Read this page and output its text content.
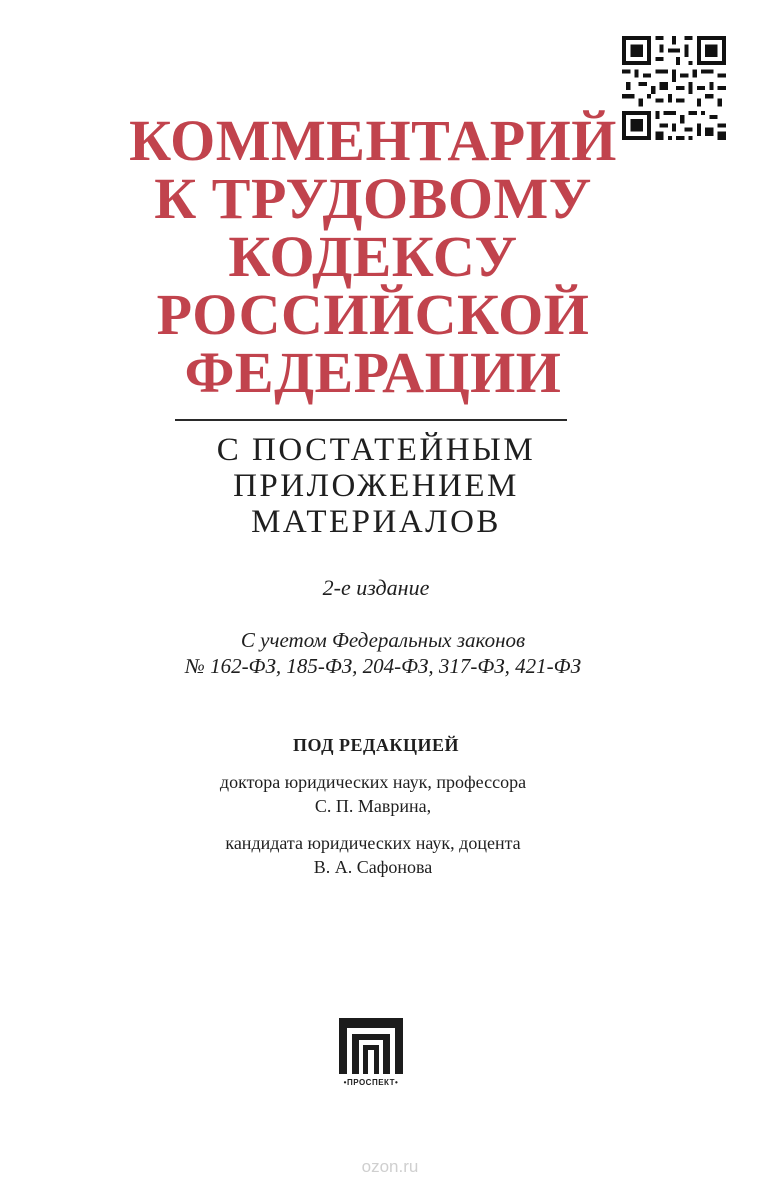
КОММЕНТАРИЙ
К ТРУДОВОМУ
КОДЕКСУ
РОССИЙСКОЙ
ФЕДЕРАЦИИ
С ПОСТАТЕЙНЫМ
ПРИЛОЖЕНИЕМ
МАТЕРИАЛОВ
2-е издание
С учетом Федеральных законов
№ 162-ФЗ, 185-ФЗ, 204-ФЗ, 317-ФЗ, 421-ФЗ
ПОД РЕДАКЦИЕЙ
доктора юридических наук, профессора
С. П. Маврина,
кандидата юридических наук, доцента
В. А. Сафонова
•ПРОСПЕКТ•
ozon.ru
